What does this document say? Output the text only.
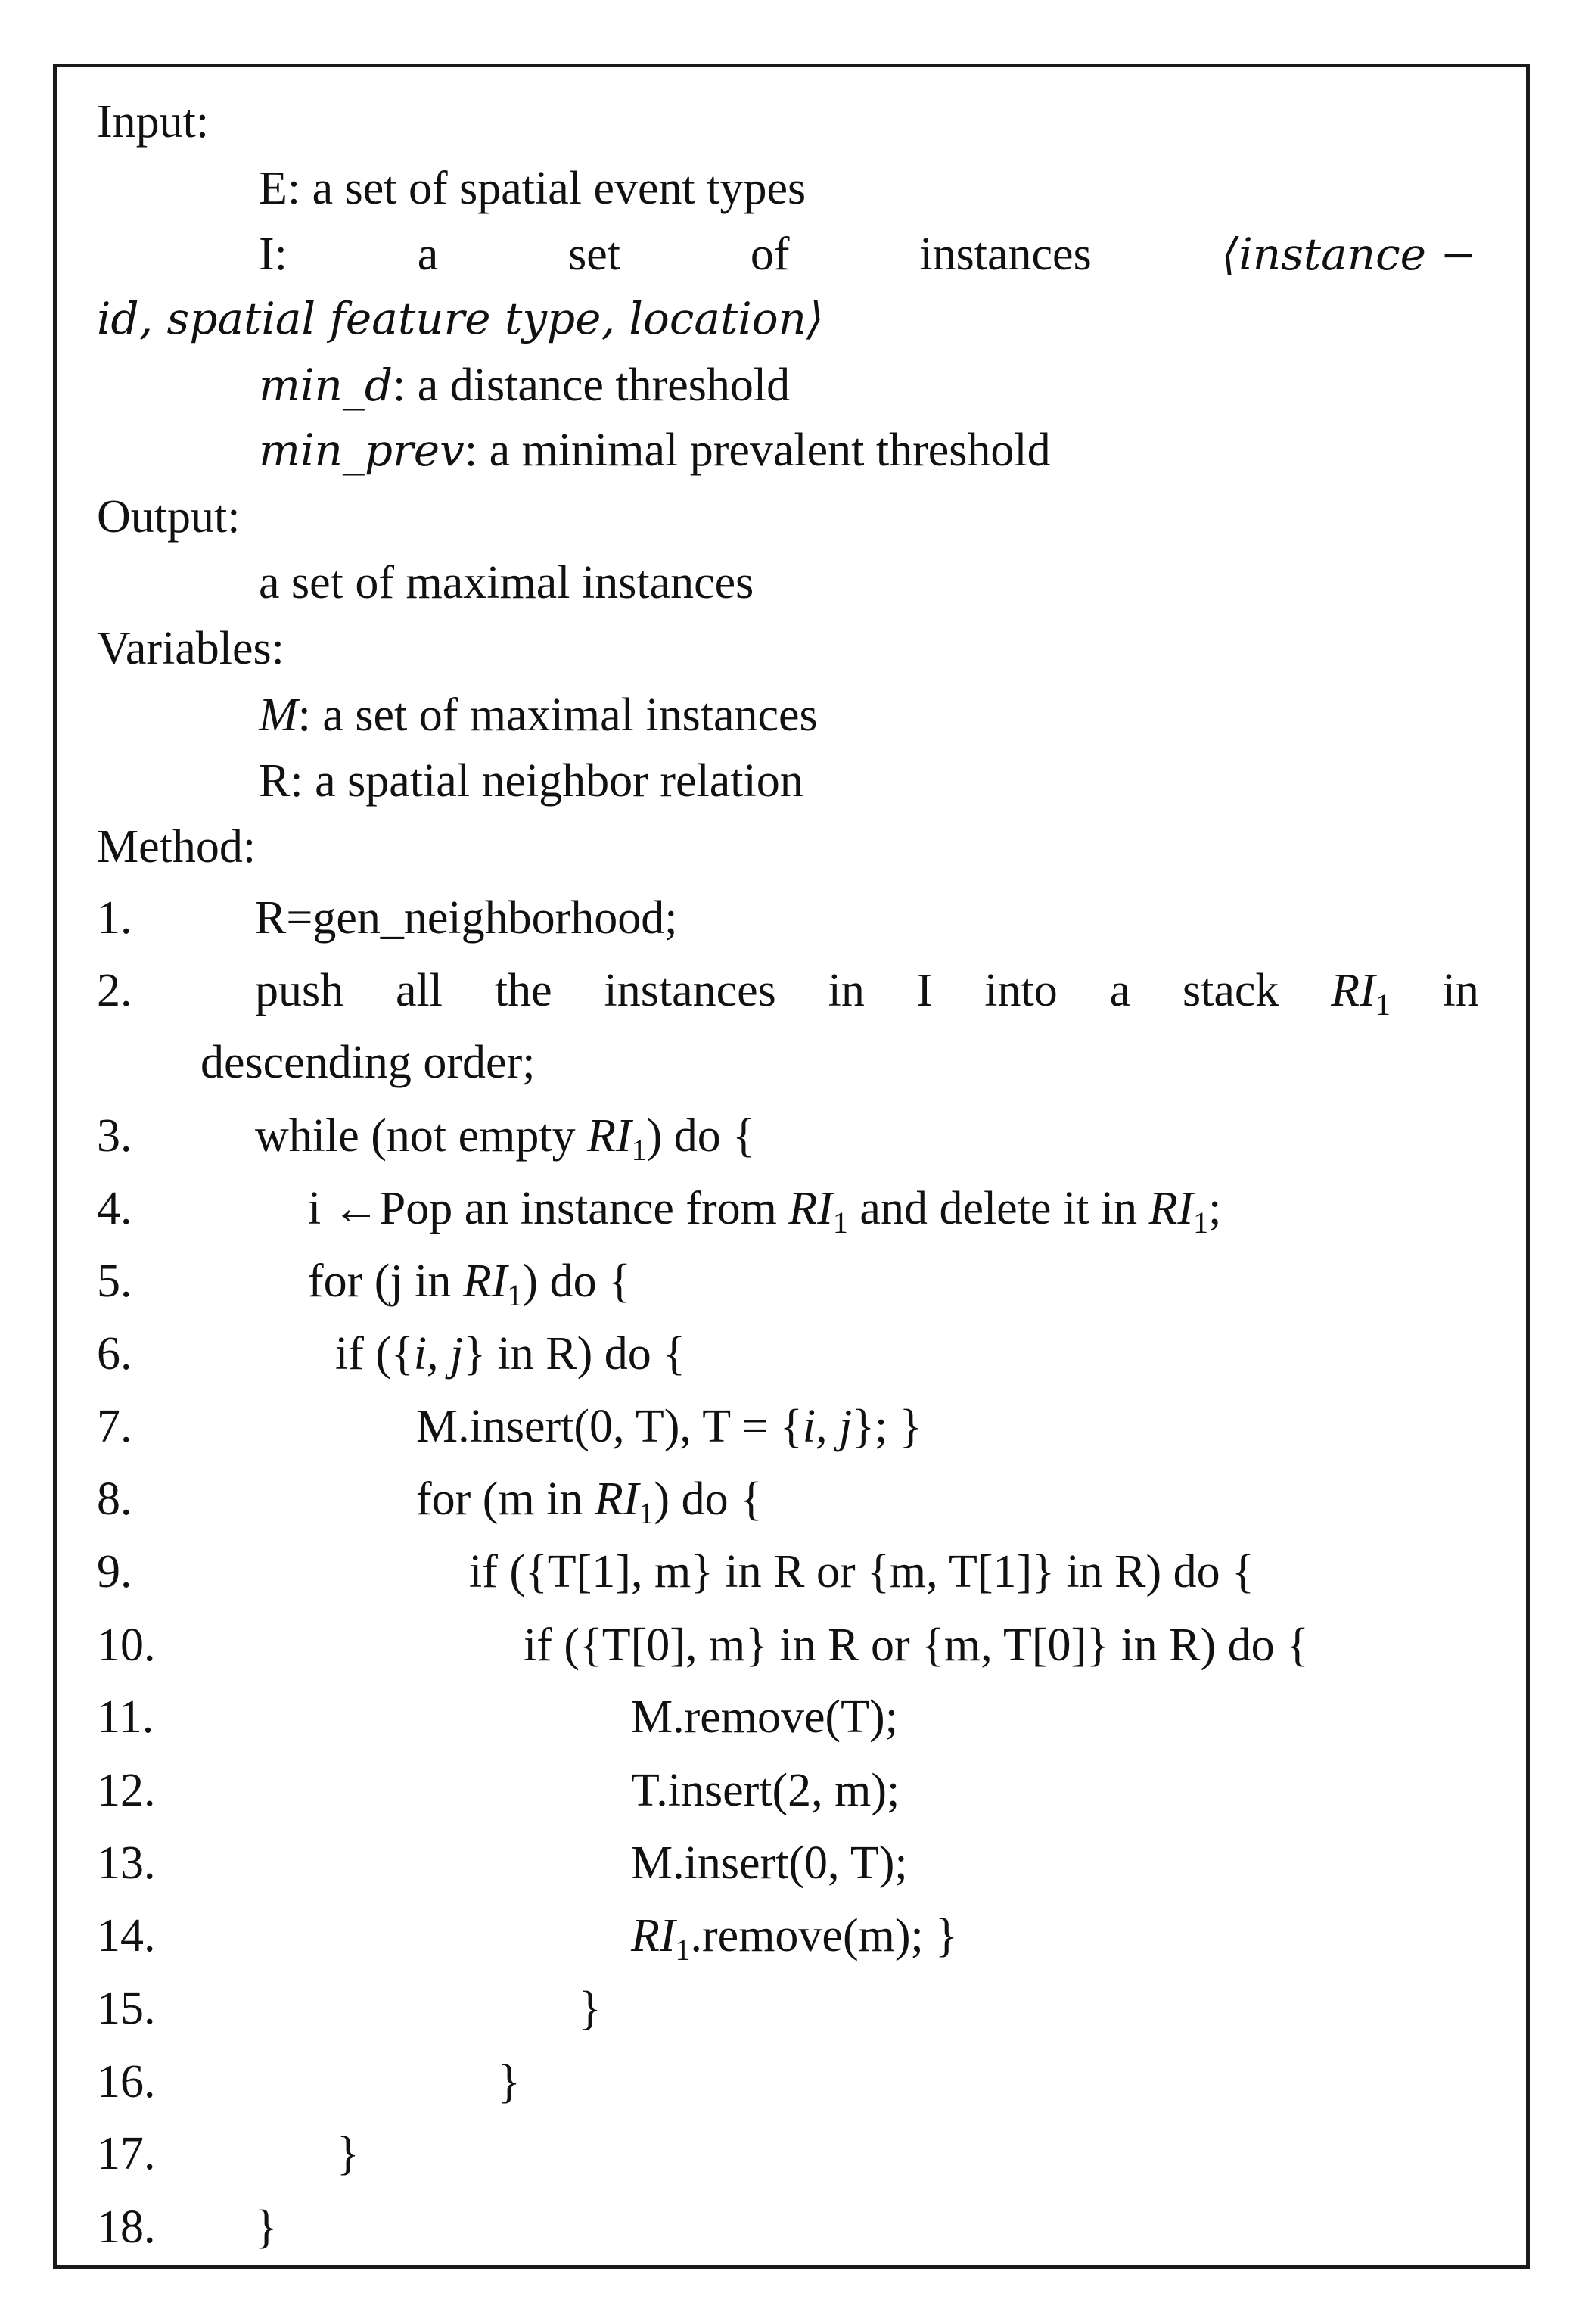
Input:
E: a set of spatial event types
I:	a	set	of	instances	⟨instance −
id, spatial feature type, location⟩
min_d: a distance threshold
min_prev: a minimal prevalent threshold
Output:
a set of maximal instances
Variables:
M: a set of maximal instances
R: a spatial neighbor relation
Method:
1.	R=gen_neighborhood;
2.	push all the instances in I into a stack $RI_1$ in
descending order;
3.	while (not empty $RI_1$) do {
4.	i ←Pop an instance from $RI_1$ and delete it in $RI_1$;
5.	for (j in $RI_1$) do {
6.	if ({i, j} in R) do {
7.	M.insert(0, T), T = {i, j}; }
8.	for (m in $RI_1$) do {
9.	if ({T[1], m} in R or {m, T[1]} in R) do {
10.	if ({T[0], m} in R or {m, T[0]} in R) do {
11.	M.remove(T);
12.	T.insert(2, m);
13.	M.insert(0, T);
14.	$RI_1.remove(m)$; }
15.	}
16.	}
17.	}
18. }
